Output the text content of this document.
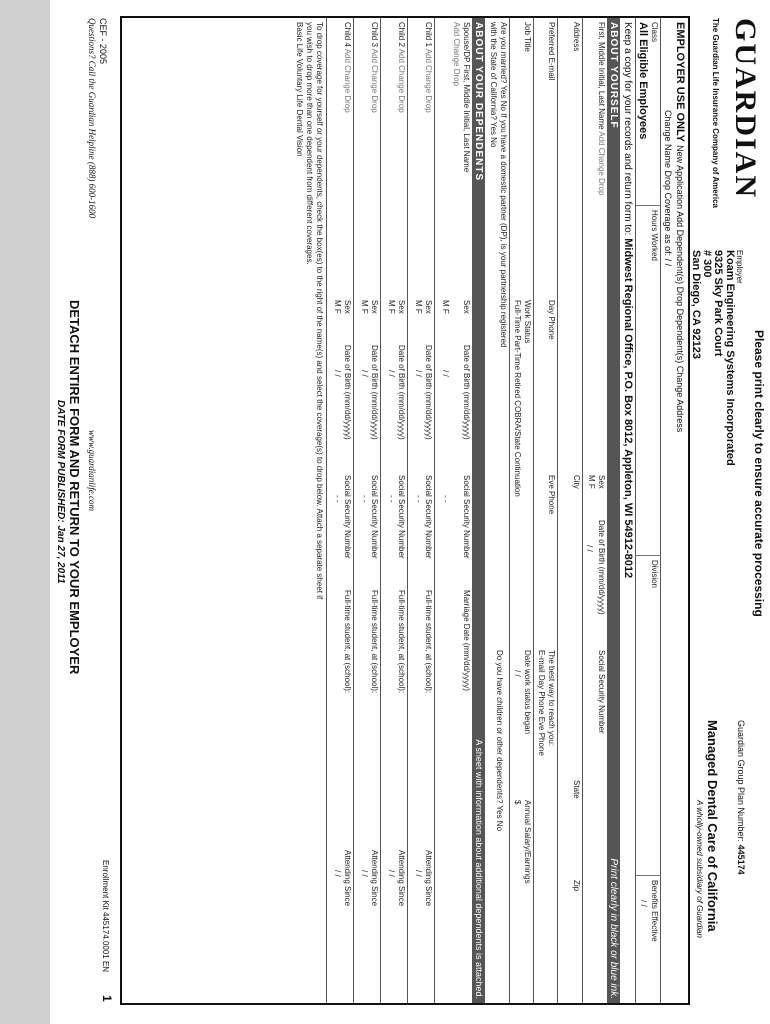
GUARDIAN
The Guardian Life Insurance Company of America
Please print clearly to ensure accurate processing
Employer
Koam Engineering Systems Incorporated
9325 Sky Park Court
# 300
San Diego, CA 92123
Guardian Group Plan Number: 445174
Managed Dental Care of California
A wholly-owned subsidiary of Guardian
EMPLOYER USE ONLY New Application Add Dependent(s) Drop Dependent(s) Change Address
Change Name Drop Coverage as of: / /
Class
All Eligible Employees
Hours Worked
Division
Benefits Effective
/ /
Keep a copy for your records and return form to: Midwest Regional Office, P.O. Box 8012, Appleton, WI 54912-8012
ABOUT YOURSELF
Print clearly in black or blue ink.
First, Middle Initial, Last Name Add Change Drop
Sex
M F
Date of Birth (mm/dd/yyyy)
/ /
Social Security Number
Address
City
State
Zip
Preferred E-mail
Day Phone
Eve Phone
The best way to reach you:
E-mail Day Phone Eve Phone
Job Title
Work Status
Full-Time Part-Time Retired COBRA/State Continuation
Date work status began
/ /
Annual Salary/Earnings
$
Are you married? Yes No If you have a domestic partner (DP), is your partnership registered
with the State of California? Yes No
Do you have children or other dependents? Yes No
ABOUT YOUR DEPENDENTS
A sheet with information about additional dependents is attached.
Spouse/DP First, Middle Initial, Last Name
Add Change Drop
Sex
M F
Date of Birth (mm/dd/yyyy)
/ /
Social Security Number
- -
Marriage Date (mm/dd/yyyy)
Child 1 Add Change Drop
Sex
M F
Date of Birth (mm/dd/yyyy)
/ /
Social Security Number
- -
Full-time student, at (school):
Attending Since
/ /
Child 2 Add Change Drop
Sex
M F
Date of Birth (mm/dd/yyyy)
/ /
Social Security Number
- -
Full-time student, at (school):
Attending Since
/ /
Child 3 Add Change Drop
Sex
M F
Date of Birth (mm/dd/yyyy)
/ /
Social Security Number
- -
Full-time student, at (school):
Attending Since
/ /
Child 4 Add Change Drop
Sex
M F
Date of Birth (mm/dd/yyyy)
/ /
Social Security Number
- -
Full-time student, at (school):
Attending Since
/ /
To drop coverage for yourself or your dependents, check the box(es) to the right of the name(s) and select the coverage(s) to drop below. Attach a separate sheet if
you wish to drop more than one dependent from different coverages.
Basic Life Voluntary Life Dental Vision
Enrollment Kit 445174.0001 EN
1
CEF - 2005
Questions? Call the Guardian Helpline (888) 600-1600
www.guardianlife.com
DETACH ENTIRE FORM AND RETURN TO YOUR EMPLOYER
DATE FORM PUBLISHED: Jan 27, 2011
